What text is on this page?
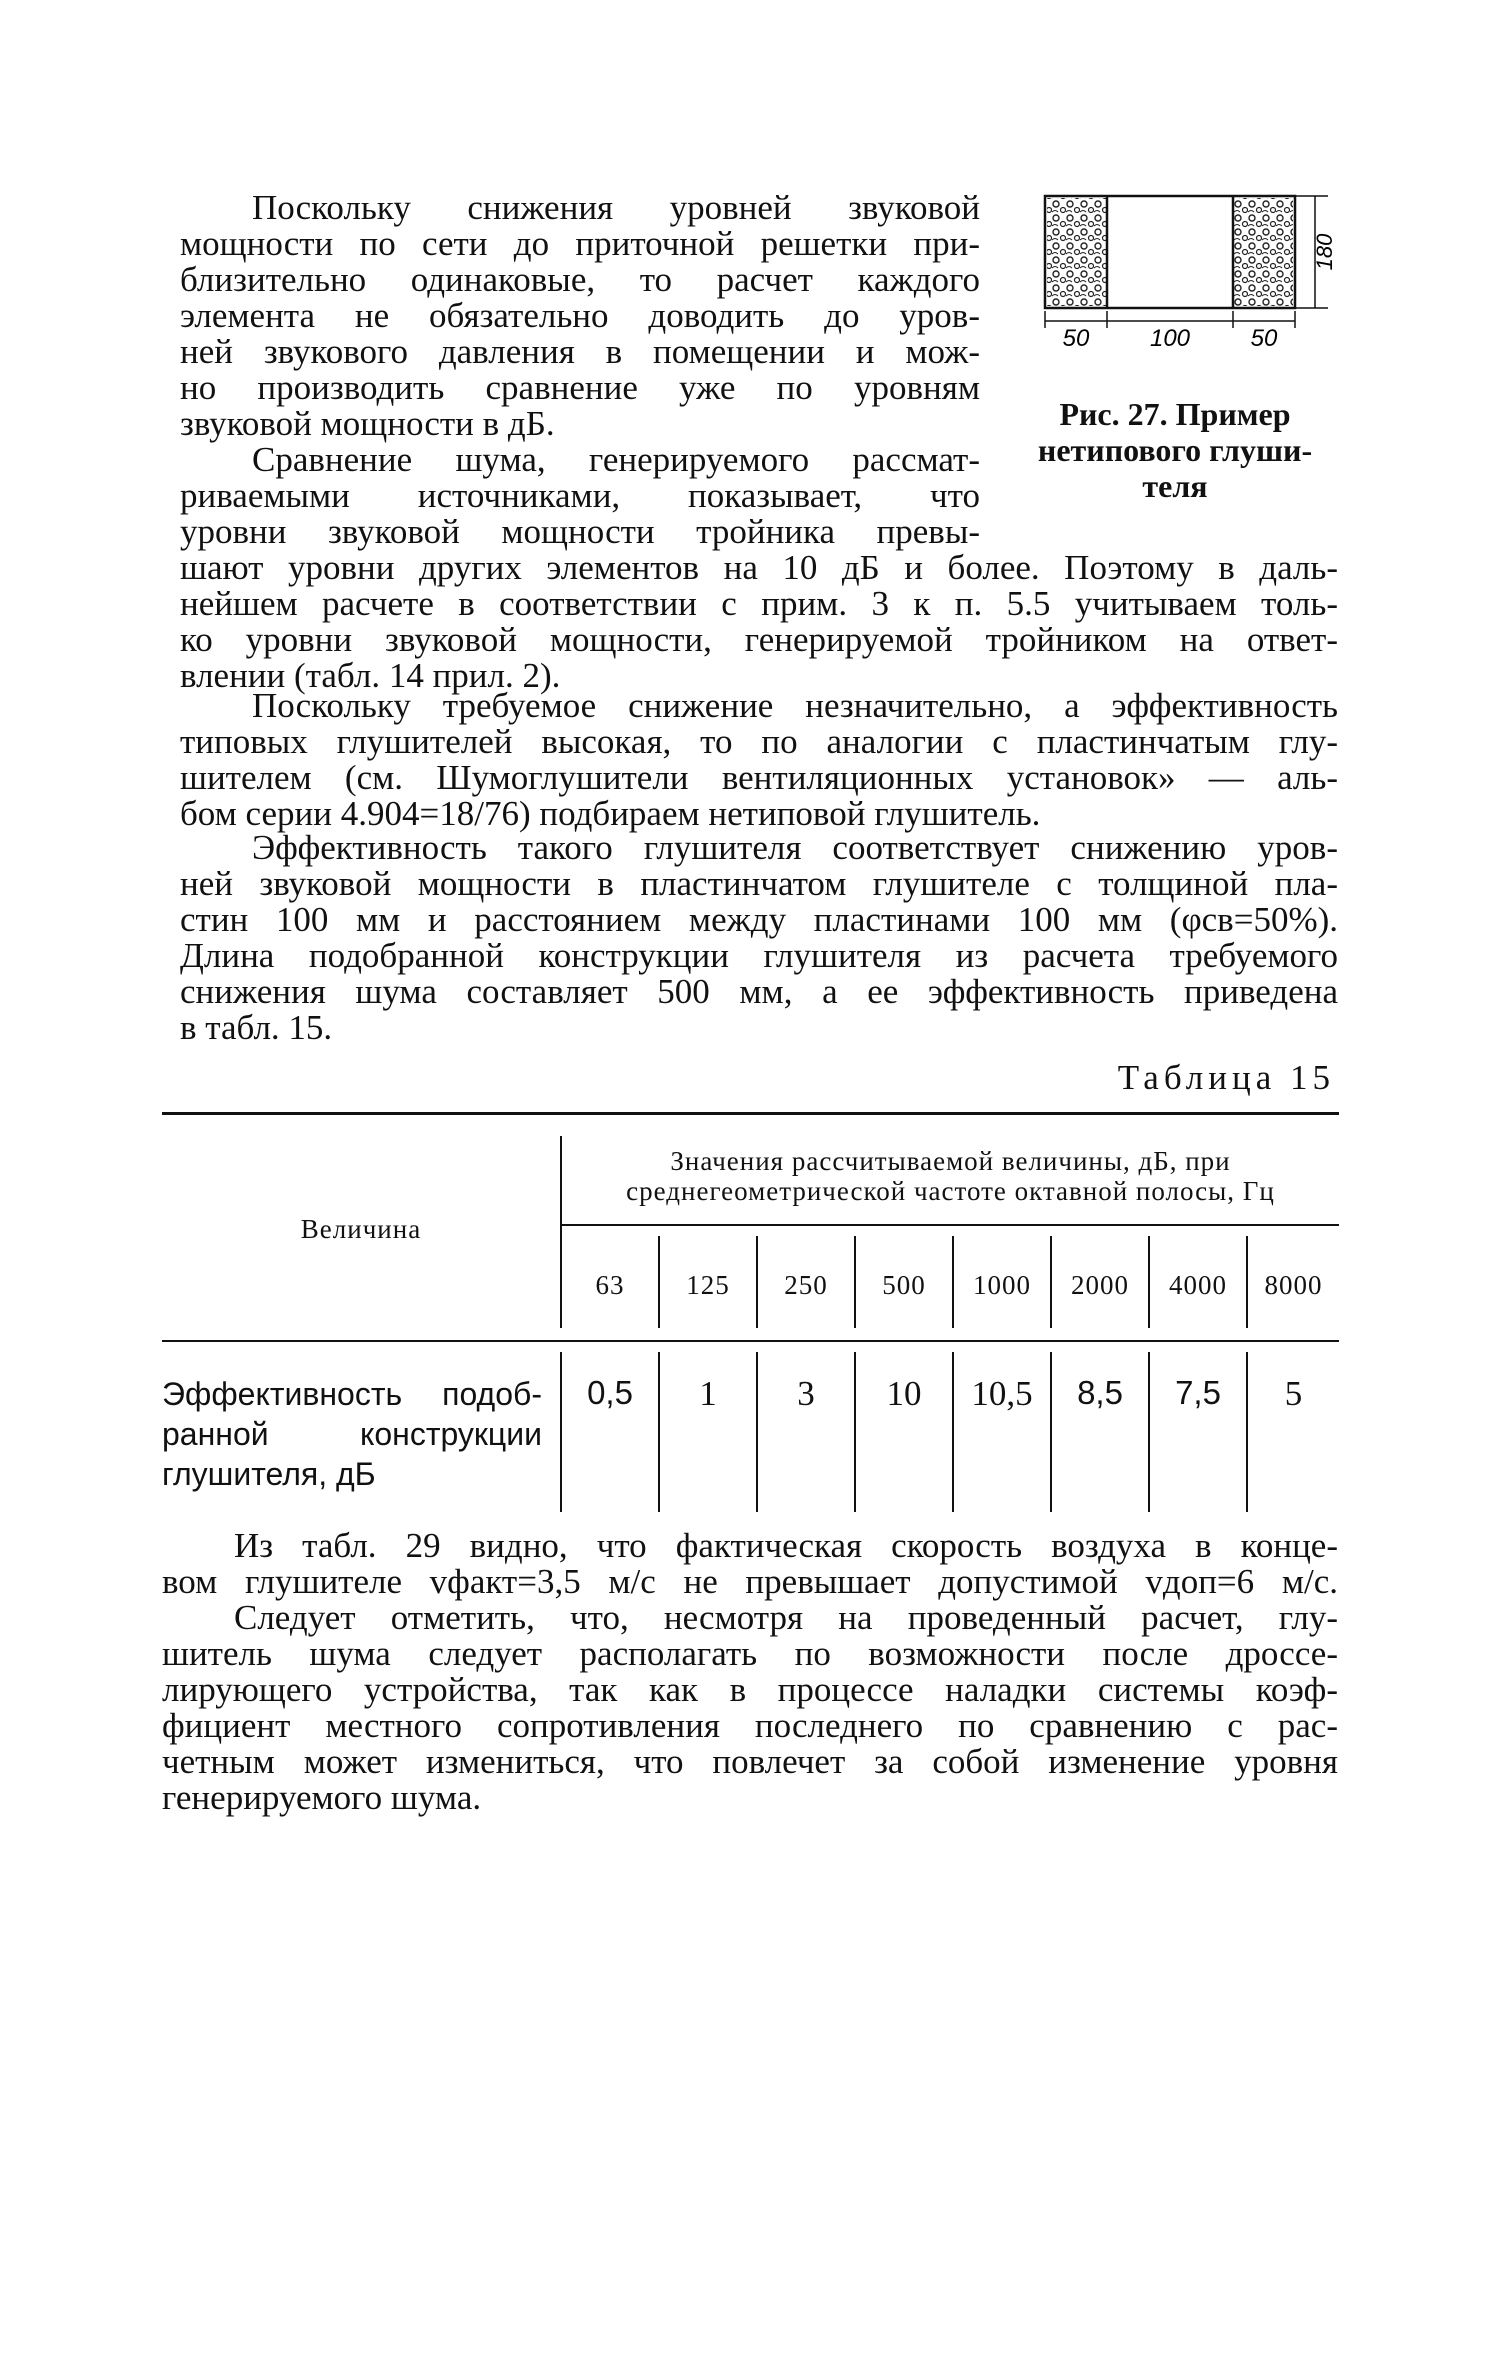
Поскольку снижения уровней звуковой
мощности по сети до приточной решетки при-
близительно одинаковые, то расчет каждого
элемента не обязательно доводить до уров-
ней звукового давления в помещении и мож-
но производить сравнение уже по уровням
звуковой мощности в дБ.
Сравнение шума, генерируемого рассмат-
риваемыми источниками, показывает, что
уровни звуковой мощности тройника превы-
шают уровни других элементов на 10 дБ и более. Поэтому в даль-
нейшем расчете в соответствии с прим. 3 к п. 5.5 учитываем толь-
ко уровни звуковой мощности, генерируемой тройником на ответ-
влении (табл. 14 прил. 2).
Поскольку требуемое снижение незначительно, а эффективность
типовых глушителей высокая, то по аналогии с пластинчатым глу-
шителем (см. Шумоглушители вентиляционных установок» — аль-
бом серии 4.904=18/76) подбираем нетиповой глушитель.
Эффективность такого глушителя соответствует снижению уров-
ней звуковой мощности в пластинчатом глушителе с толщиной пла-
стин 100 мм и расстоянием между пластинами 100 мм (φсв=50%).
Длина подобранной конструкции глушителя из расчета требуемого
снижения шума составляет 500 мм, а ее эффективность приведена
в табл. 15.
50	100	50
180
Рис. 27. Пример
нетипового глуши-
теля
Таблица 15
Величина
Значения рассчитываемой величины, дБ, при
среднегеометрической частоте октавной полосы, Гц
63	125	250	500	1000	2000	4000	8000
Эффективность подоб-
ранной конструкции
глушителя, дБ
0,5	1	3	10	10,5	8,5	7,5	5
Из табл. 29 видно, что фактическая скорость воздуха в конце-
вом глушителе vфакт=3,5 м/с не превышает допустимой vдоп=6 м/с.
Следует отметить, что, несмотря на проведенный расчет, глу-
шитель шума следует располагать по возможности после дроссе-
лирующего устройства, так как в процессе наладки системы коэф-
фициент местного сопротивления последнего по сравнению с рас-
четным может измениться, что повлечет за собой изменение уровня
генерируемого шума.
